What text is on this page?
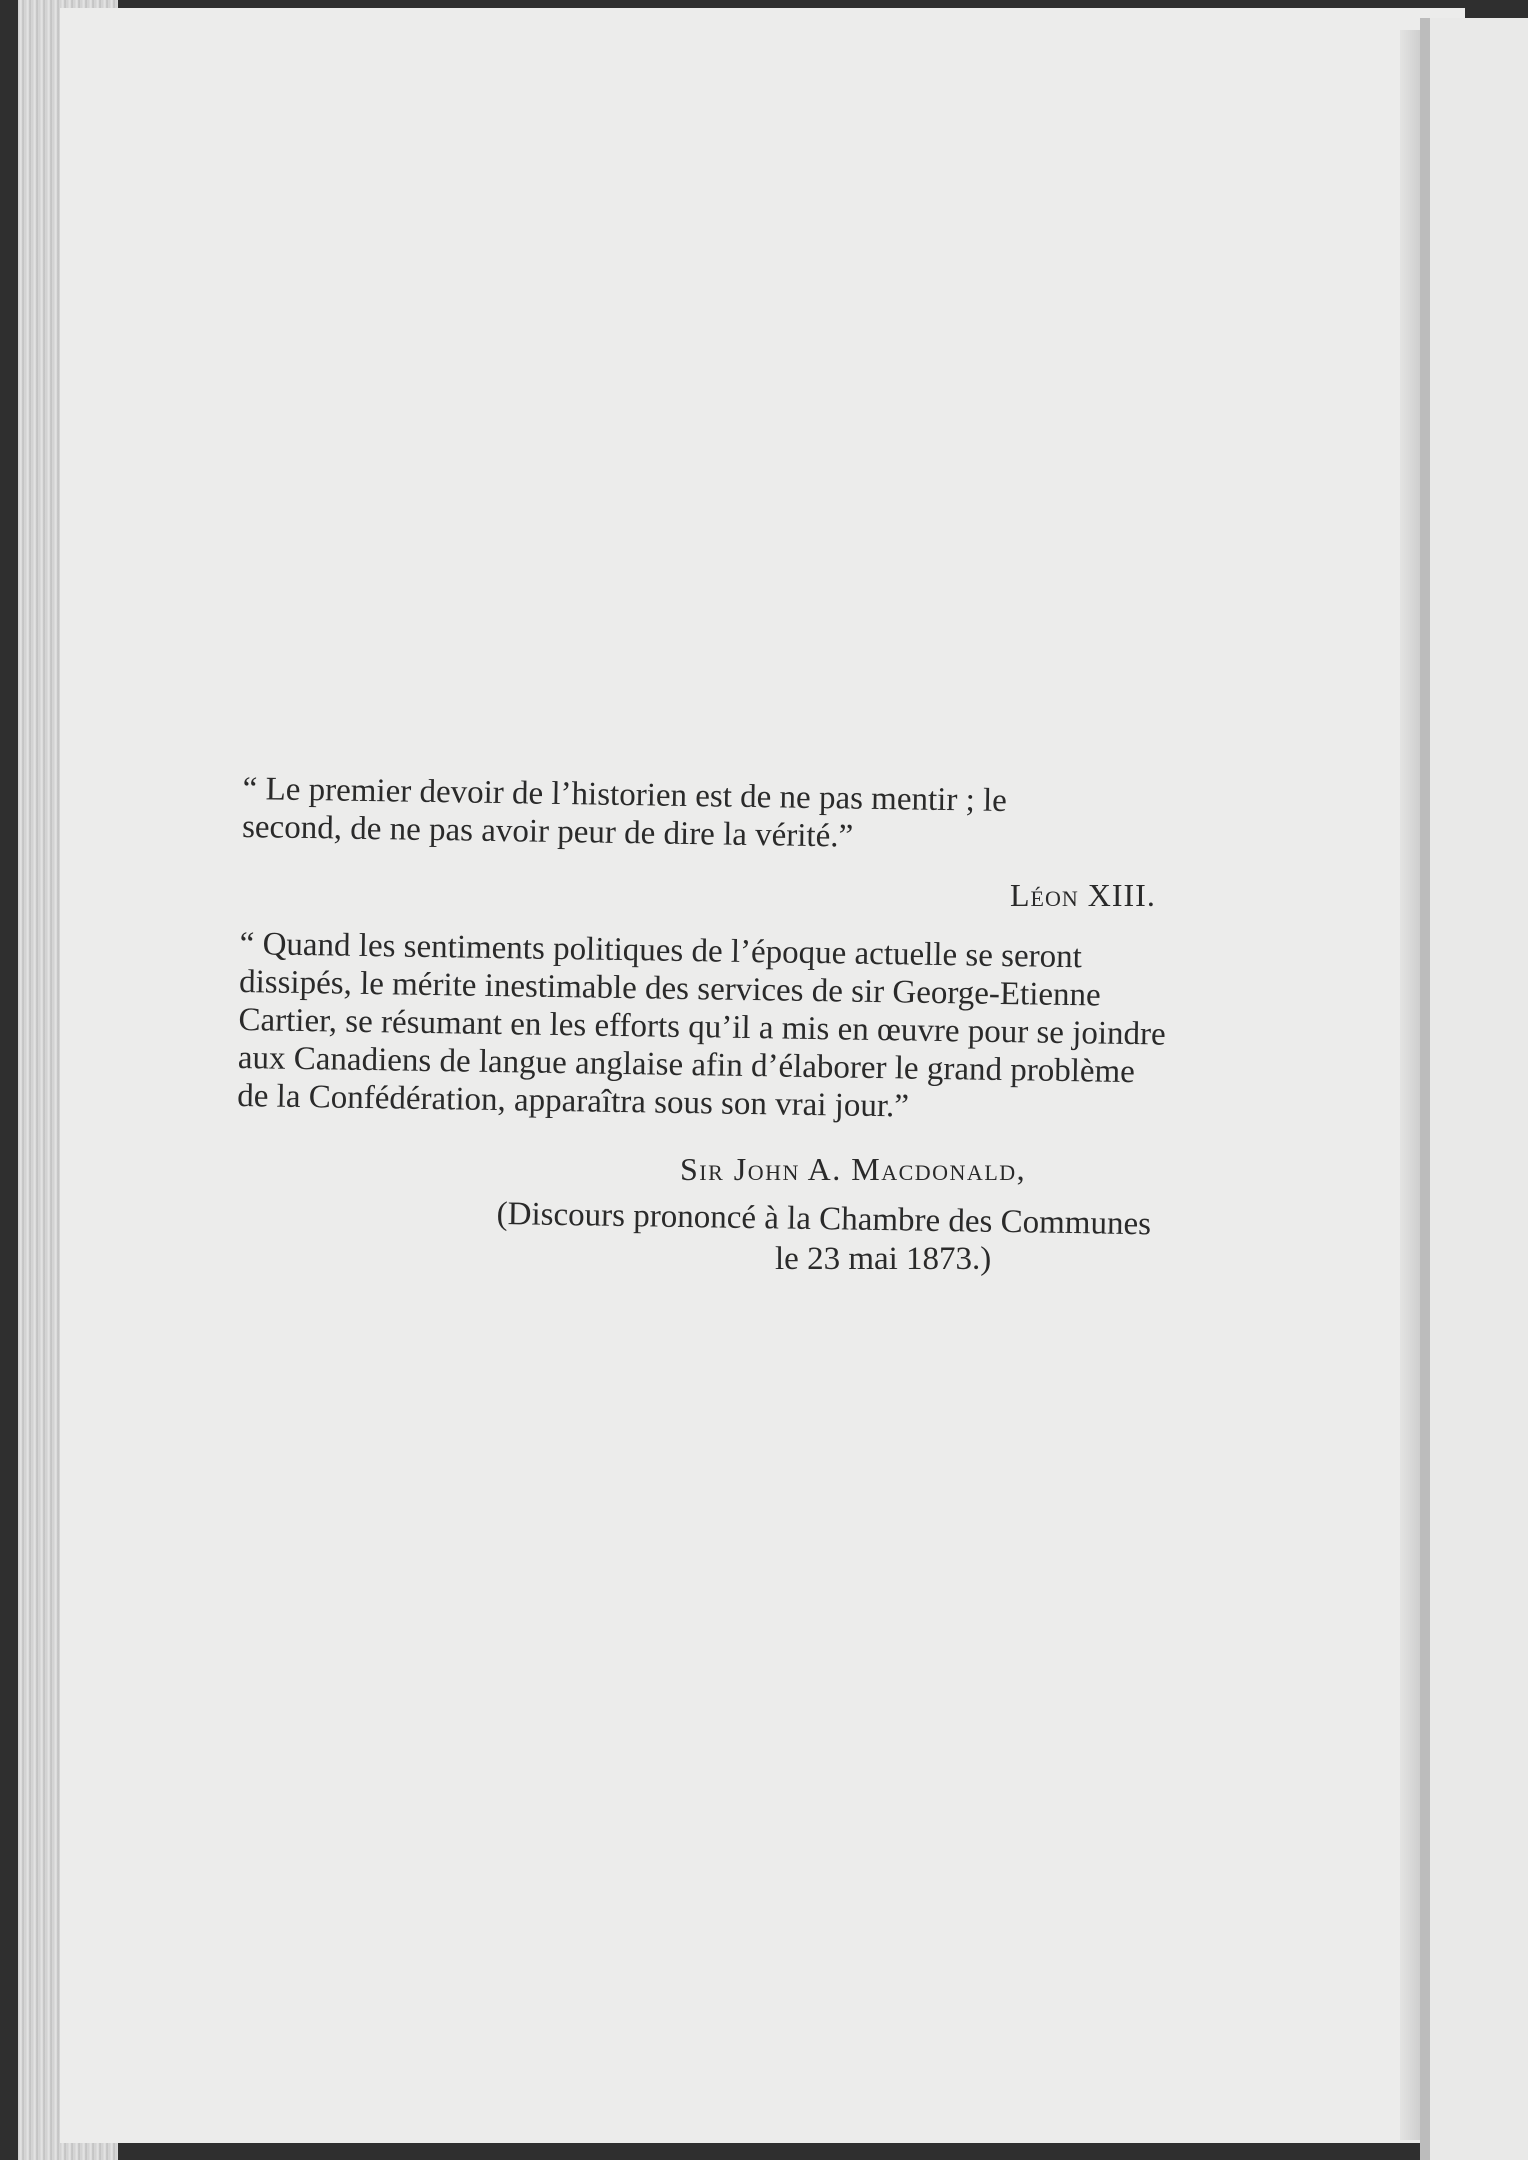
“ Le premier devoir de l’historien est de ne pas mentir ; le
second, de ne pas avoir peur de dire la vérité.”
Léon XIII.
“ Quand les sentiments politiques de l’époque actuelle se seront
dissipés, le mérite inestimable des services de sir George-Etienne
Cartier, se résumant en les efforts qu’il a mis en œuvre pour se joindre
aux Canadiens de langue anglaise afin d’élaborer le grand problème
de la Confédération, apparaîtra sous son vrai jour.”
Sir John A. Macdonald,
(Discours prononcé à la Chambre des Communes
le 23 mai 1873.)
